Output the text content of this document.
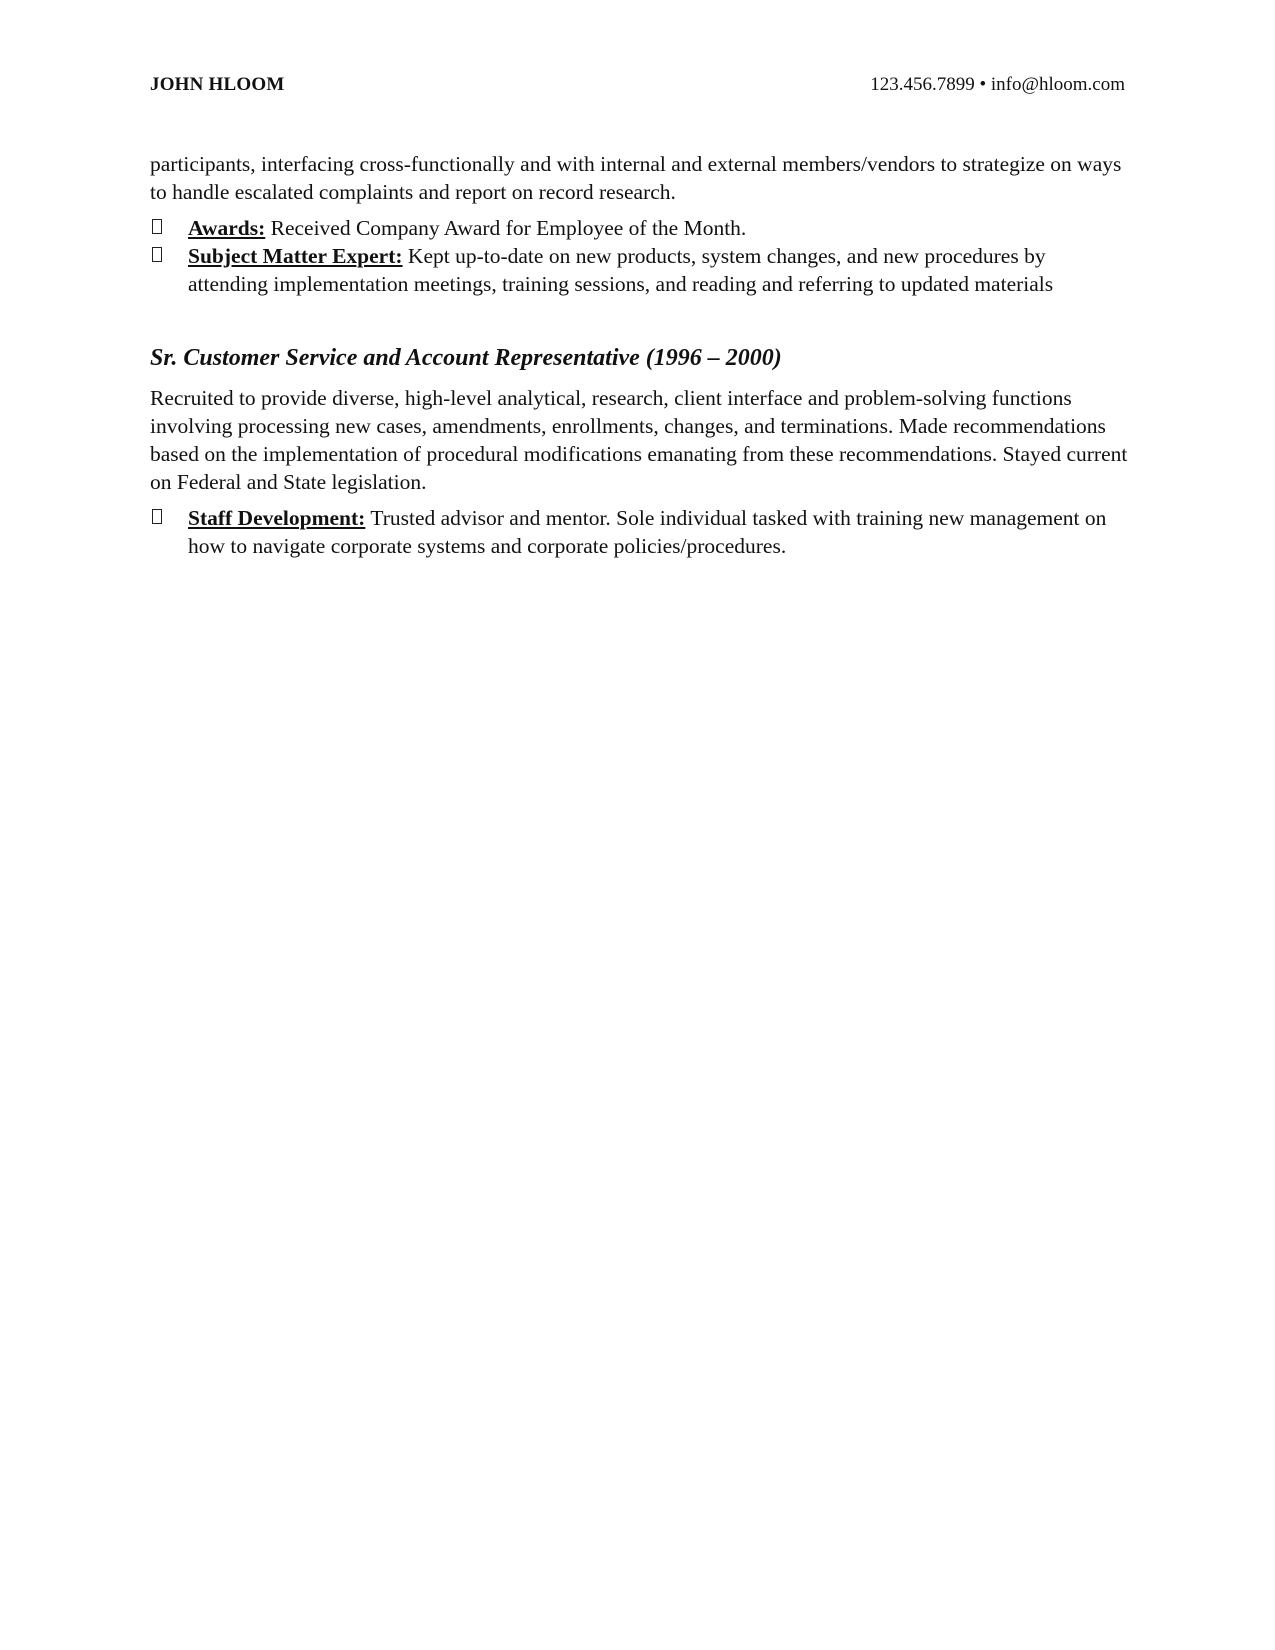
JOHN HLOOM	123.456.7899 • info@hloom.com

participants, interfacing cross-functionally and with internal and external members/vendors to strategize on ways to handle escalated complaints and report on record research.

Awards: Received Company Award for Employee of the Month.
Subject Matter Expert: Kept up-to-date on new products, system changes, and new procedures by attending implementation meetings, training sessions, and reading and referring to updated materials
Sr. Customer Service and Account Representative (1996 – 2000)

Recruited to provide diverse, high-level analytical, research, client interface and problem-solving functions involving processing new cases, amendments, enrollments, changes, and terminations. Made recommendations based on the implementation of procedural modifications emanating from these recommendations. Stayed current on Federal and State legislation.

Staff Development: Trusted advisor and mentor. Sole individual tasked with training new management on how to navigate corporate systems and corporate policies/procedures.
